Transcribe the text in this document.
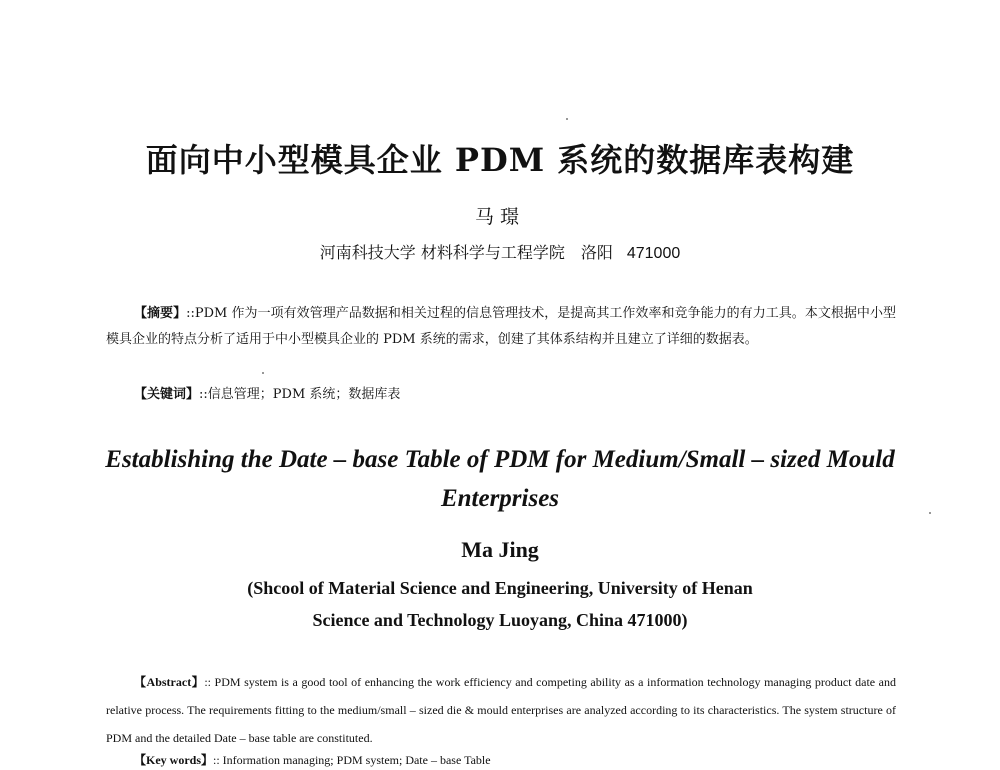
面向中小型模具企业 PDM 系统的数据库表构建
马璟
河南科技大学 材料科学与工程学院　洛阳 471000
【摘要】::PDM 作为一项有效管理产品数据和相关过程的信息管理技术，是提高其工作效率和竞争能力的有力工具。本文根据中小型模具企业的特点分析了适用于中小型模具企业的 PDM 系统的需求，创建了其体系结构并且建立了详细的数据表。
【关键词】::信息管理；PDM 系统；数据库表
Establishing the Date – base Table of PDM for Medium/Small – sized Mould Enterprises
Ma Jing
(Shcool of Material Science and Engineering, University of Henan
Science and Technology Luoyang, China 471000)
【Abstract】:: PDM system is a good tool of enhancing the work efficiency and competing ability as a information technology managing product date and relative process. The requirements fitting to the medium/small – sized die & mould enterprises are analyzed according to its characteristics. The system structure of PDM and the detailed Date – base table are constituted.
【Key words】:: Information managing; PDM system; Date – base Table
